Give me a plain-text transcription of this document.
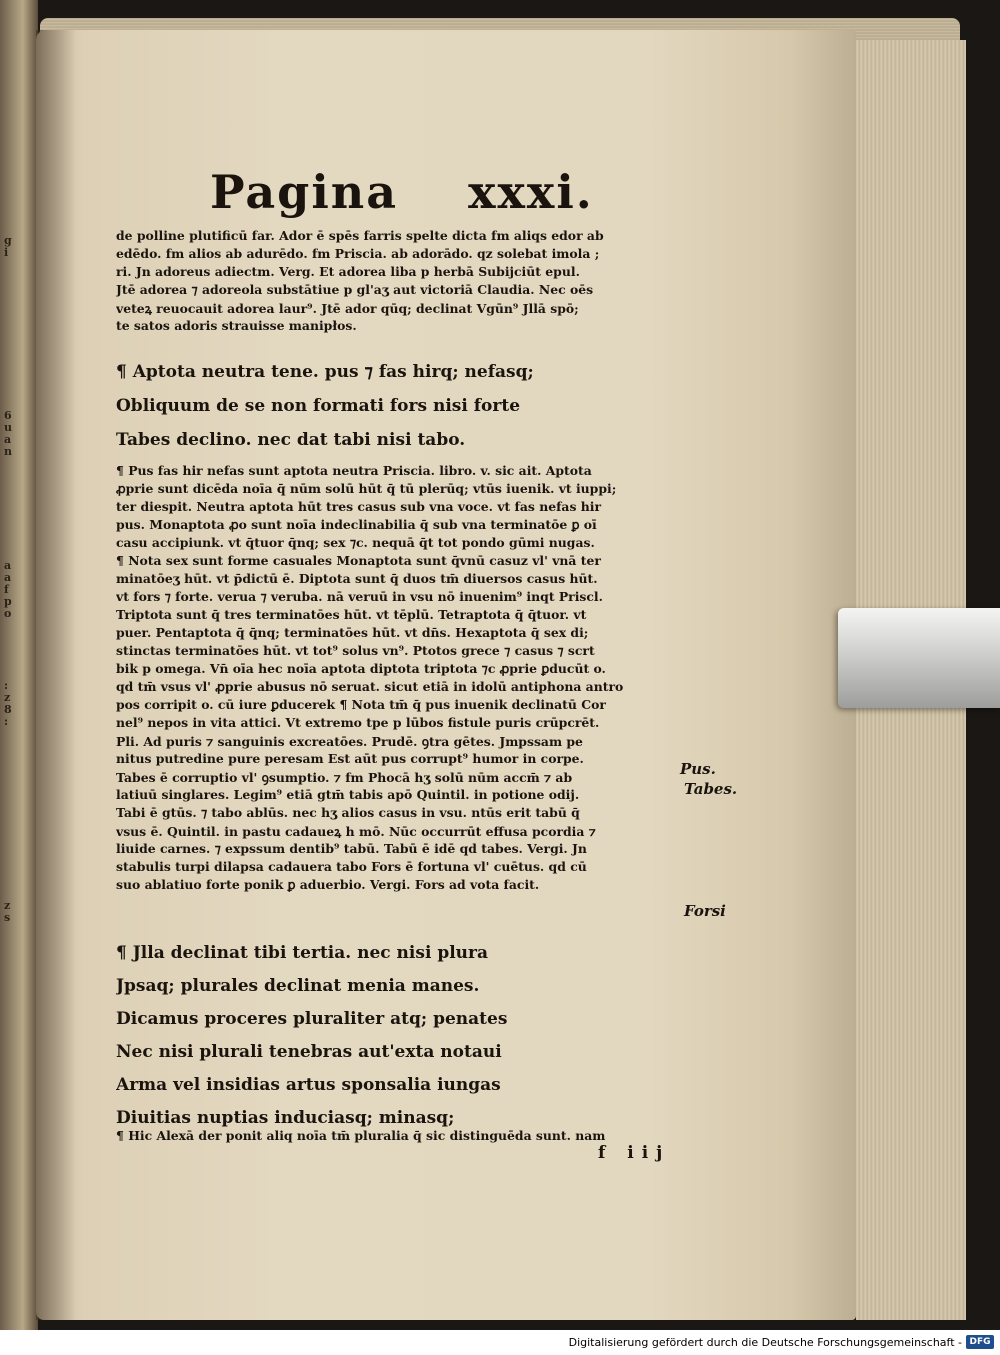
g
i
6
u
a
n
a
a
f
p
o
:
z
8
:
z
s
Pagina xxxi.
de polline plutificū far. Ador ē spēs farris spelte dicta fm aliqs edor ab
edēdo. fm alios ab adurēdo. fm Priscia. ab adorādo. qz solebat imola ;
ri. Jn adoreus adiectm. Verg. Et adorea liba p herbā Subijciūt epul.
Jtē adorea ⁊ adoreola substātiue p gl'aʒ aut victoriā Claudia. Nec oēs
veteꝝ reuocauit adorea laur⁹. Jtē ador qūq; declinat Vgūn⁹ Jllā spō;
te satos adoris strauisse manipłos.
¶ Aptota neutra tene. pus ⁊ fas hirq; nefasq;
Obliquum de se non formati fors nisi forte
Tabes declino. nec dat tabi nisi tabo.
¶ Pus fas hir nefas sunt aptota neutra Priscia. libro. v. sic ait. Aptota
ꝓprie sunt dicēda noīa q̄ nūm solū hūt q̄ tū plerūq; vtūs iuenik. vt iuppi;
ter diespit. Neutra aptota hūt tres casus sub vna voce. vt fas nefas hir
pus. Monaptota ꝓo sunt noīa indeclinabilia q̄ sub vna terminatōe ꝑ oī
casu accipiunk. vt q̄tuor q̄nq; sex ⁊c. nequā q̄t tot pondo gūmi nugas.
¶ Nota sex sunt forme casuales Monaptota sunt q̄vnū casuz vl' vnā ter
minatōeʒ hūt. vt p̄dictū ē. Diptota sunt q̄ duos tm̄ diuersos casus hūt.
vt fors ⁊ forte. verua ⁊ veruba. nā veruū in vsu nō inuenim⁹ inqt Priscl.
Triptota sunt q̄ tres terminatōes hūt. vt tēplū. Tetraptota q̄ q̄tuor. vt
puer. Pentaptota q̄ q̄nq; terminatōes hūt. vt dn̄s. Hexaptota q̄ sex di;
stinctas terminatōes hūt. vt tot⁹ solus vn⁹. Ptotos grece ⁊ casus ⁊ scrt
bik p omega. Vn̄ oīa hec noīa aptota diptota triptota ⁊c ꝓprie ꝑducūt o.
qd tm̄ vsus vl' ꝓprie abusus nō seruat. sicut etiā in idolū antiphona antro
pos corripit o. cū iure ꝑducerek ¶ Nota tm̄ q̄ pus inuenik declinatū Cor
nel⁹ nepos in vita attici. Vt extremo tpe p lūbos fistule puris crūpcrēt.
Pli. Ad puris ⁊ sanguinis excreatōes. Prudē. ꝯtra gētes. Jmpssam pe
nitus putredine pure peresam Est aūt pus corrupt⁹ humor in corpe.
Tabes ē corruptio vl' ꝯsumptio. ⁊ fm Phocā hʒ solū nūm accm̄ ⁊ ab
latiuū singlares. Legim⁹ etiā gtm̄ tabis apō Quintil. in potione odij.
Tabi ē gtūs. ⁊ tabo ablūs. nec hʒ alios casus in vsu. ntūs erit tabū q̄
vsus ē. Quintil. in pastu cadaueꝝ h mō. Nūc occurrūt effusa pcordia ⁊
liuide carnes. ⁊ expssum dentib⁹ tabū. Tabū ē idē qd tabes. Vergi. Jn
stabulis turpi dilapsa cadauera tabo Fors ē fortuna vl' cuētus. qd cū
suo ablatiuo forte ponik ꝑ aduerbio. Vergi. Fors ad vota facit.
¶ Jlla declinat tibi tertia. nec nisi plura
Jpsaq; plurales declinat menia manes.
Dicamus proceres pluraliter atq; penates
Nec nisi plurali tenebras aut'exta notaui
Arma vel insidias artus sponsalia iungas
Diuitias nuptias induciasq; minasq;
¶ Hic Alexā der ponit aliq noīa tm̄ pluralia q̄ sic distinguēda sunt. nam
Pus.
Tabes.
Forsi
f iij
Digitalisierung gefördert durch die Deutsche Forschungsgemeinschaft - DFG
